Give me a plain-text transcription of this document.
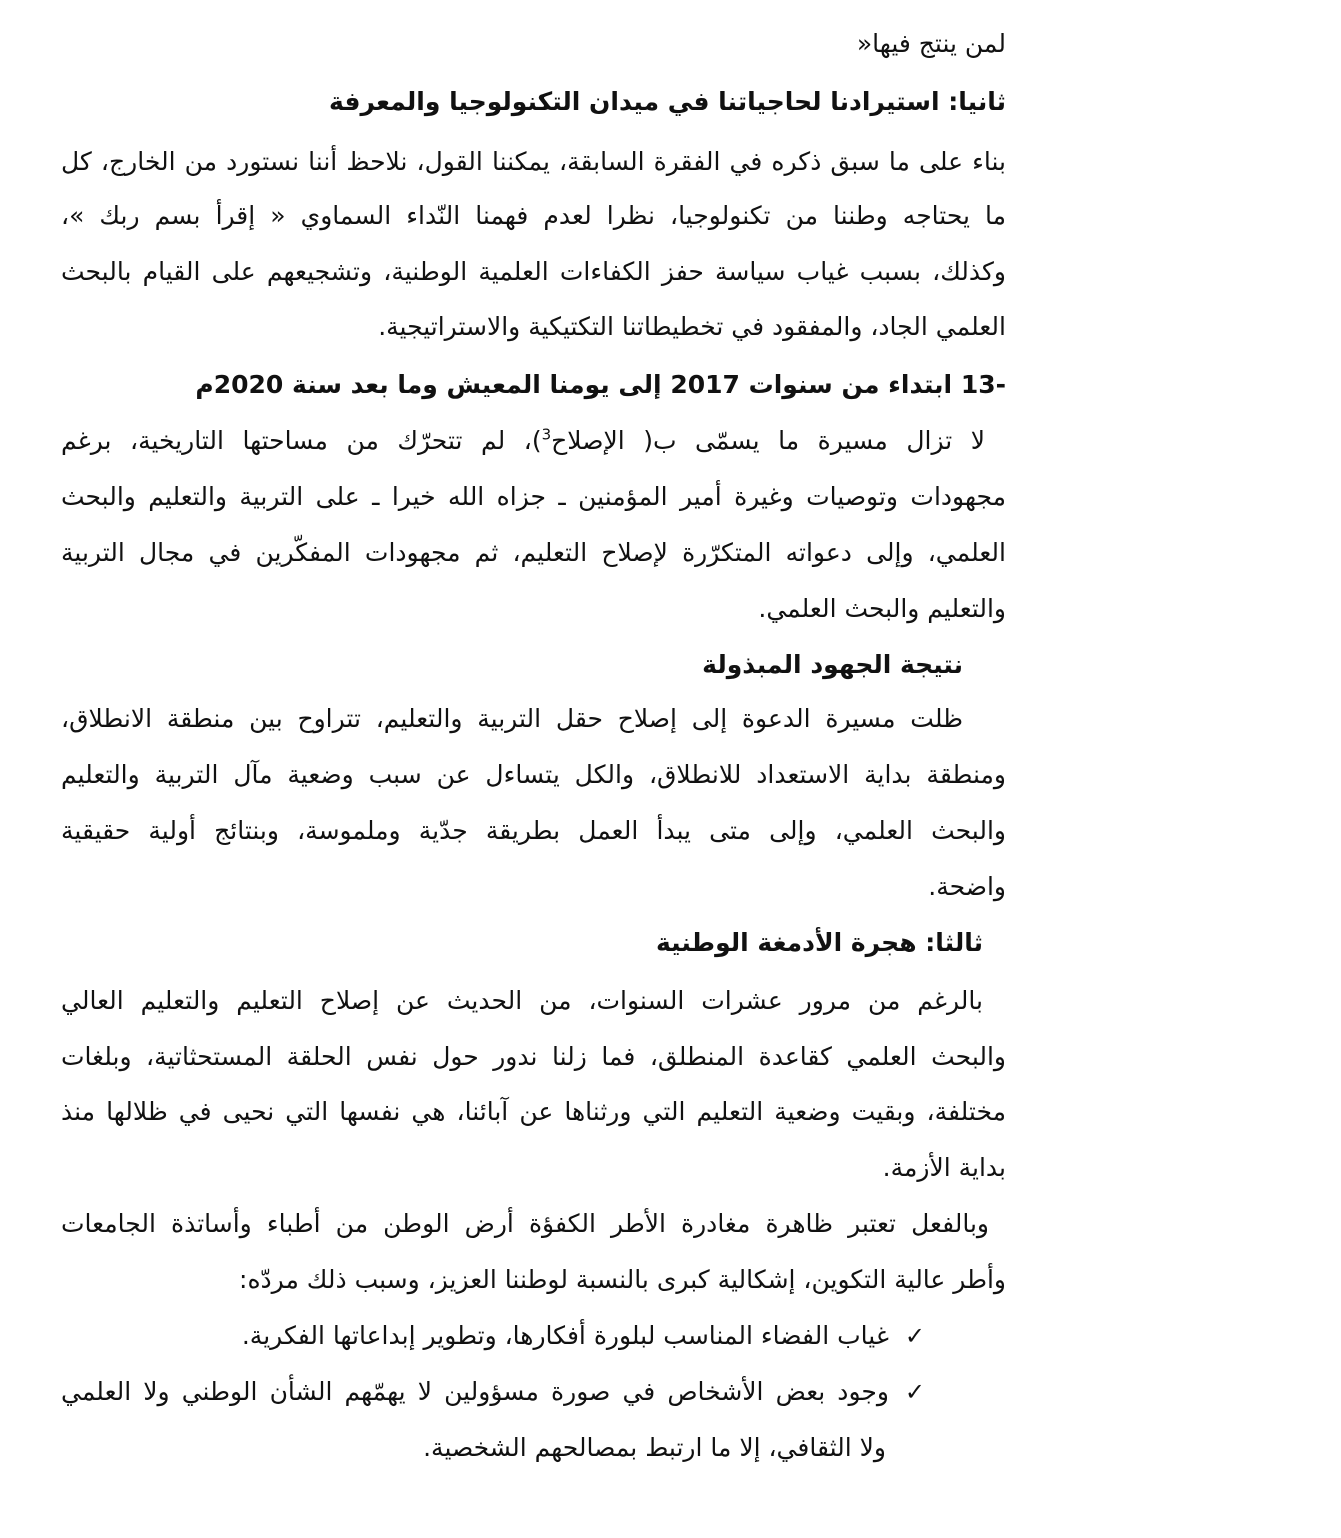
لمن ينتج فيها«
ثانيا: استيرادنا لحاجياتنا في ميدان التكنولوجيا والمعرفة
بناء على ما سبق ذكره في الفقرة السابقة، يمكننا القول، نلاحظ أننا نستورد من الخارج، كل
ما يحتاجه وطننا من تكنولوجيا، نظرا لعدم فهمنا النّداء السماوي « إقرأ بسم ربك »،
وكذلك، بسبب غياب سياسة حفز الكفاءات العلمية الوطنية، وتشجيعهم على القيام بالبحث
العلمي الجاد، والمفقود في تخطيطاتنا التكتيكية والاستراتيجية.
-13 ابتداء من سنوات 2017 إلى يومنا المعيش وما بعد سنة 2020م
لا تزال مسيرة ما يسمّى ب( الإصلاح$^3$)، لم تتحرّك من مساحتها التاريخية، برغم
مجهودات وتوصيات وغيرة أمير المؤمنين ـ جزاه الله خيرا ـ على التربية والتعليم والبحث
العلمي، وإلى دعواته المتكرّرة لإصلاح التعليم، ثم مجهودات المفكّرين في مجال التربية
والتعليم والبحث العلمي.
نتيجة الجهود المبذولة
ظلت مسيرة الدعوة إلى إصلاح حقل التربية والتعليم، تتراوح بين منطقة الانطلاق،
ومنطقة بداية الاستعداد للانطلاق، والكل يتساءل عن سبب وضعية مآل التربية والتعليم
والبحث العلمي، وإلى متى يبدأ العمل بطريقة جدّية وملموسة، وبنتائج أولية حقيقية
واضحة.
ثالثا: هجرة الأدمغة الوطنية
بالرغم من مرور عشرات السنوات، من الحديث عن إصلاح التعليم والتعليم العالي
والبحث العلمي كقاعدة المنطلق، فما زلنا ندور حول نفس الحلقة المستحثاتية، وبلغات
مختلفة، وبقيت وضعية التعليم التي ورثناها عن آبائنا، هي نفسها التي نحيى في ظلالها منذ
بداية الأزمة.
وبالفعل تعتبر ظاهرة مغادرة الأطر الكفؤة أرض الوطن من أطباء وأساتذة الجامعات
وأطر عالية التكوين، إشكالية كبرى بالنسبة لوطننا العزيز، وسبب ذلك مردّه:
✓غياب الفضاء المناسب لبلورة أفكارها، وتطوير إبداعاتها الفكرية.
✓وجود بعض الأشخاص في صورة مسؤولين لا يهمّهم الشأن الوطني ولا العلمي
ولا الثقافي، إلا ما ارتبط بمصالحهم الشخصية.
